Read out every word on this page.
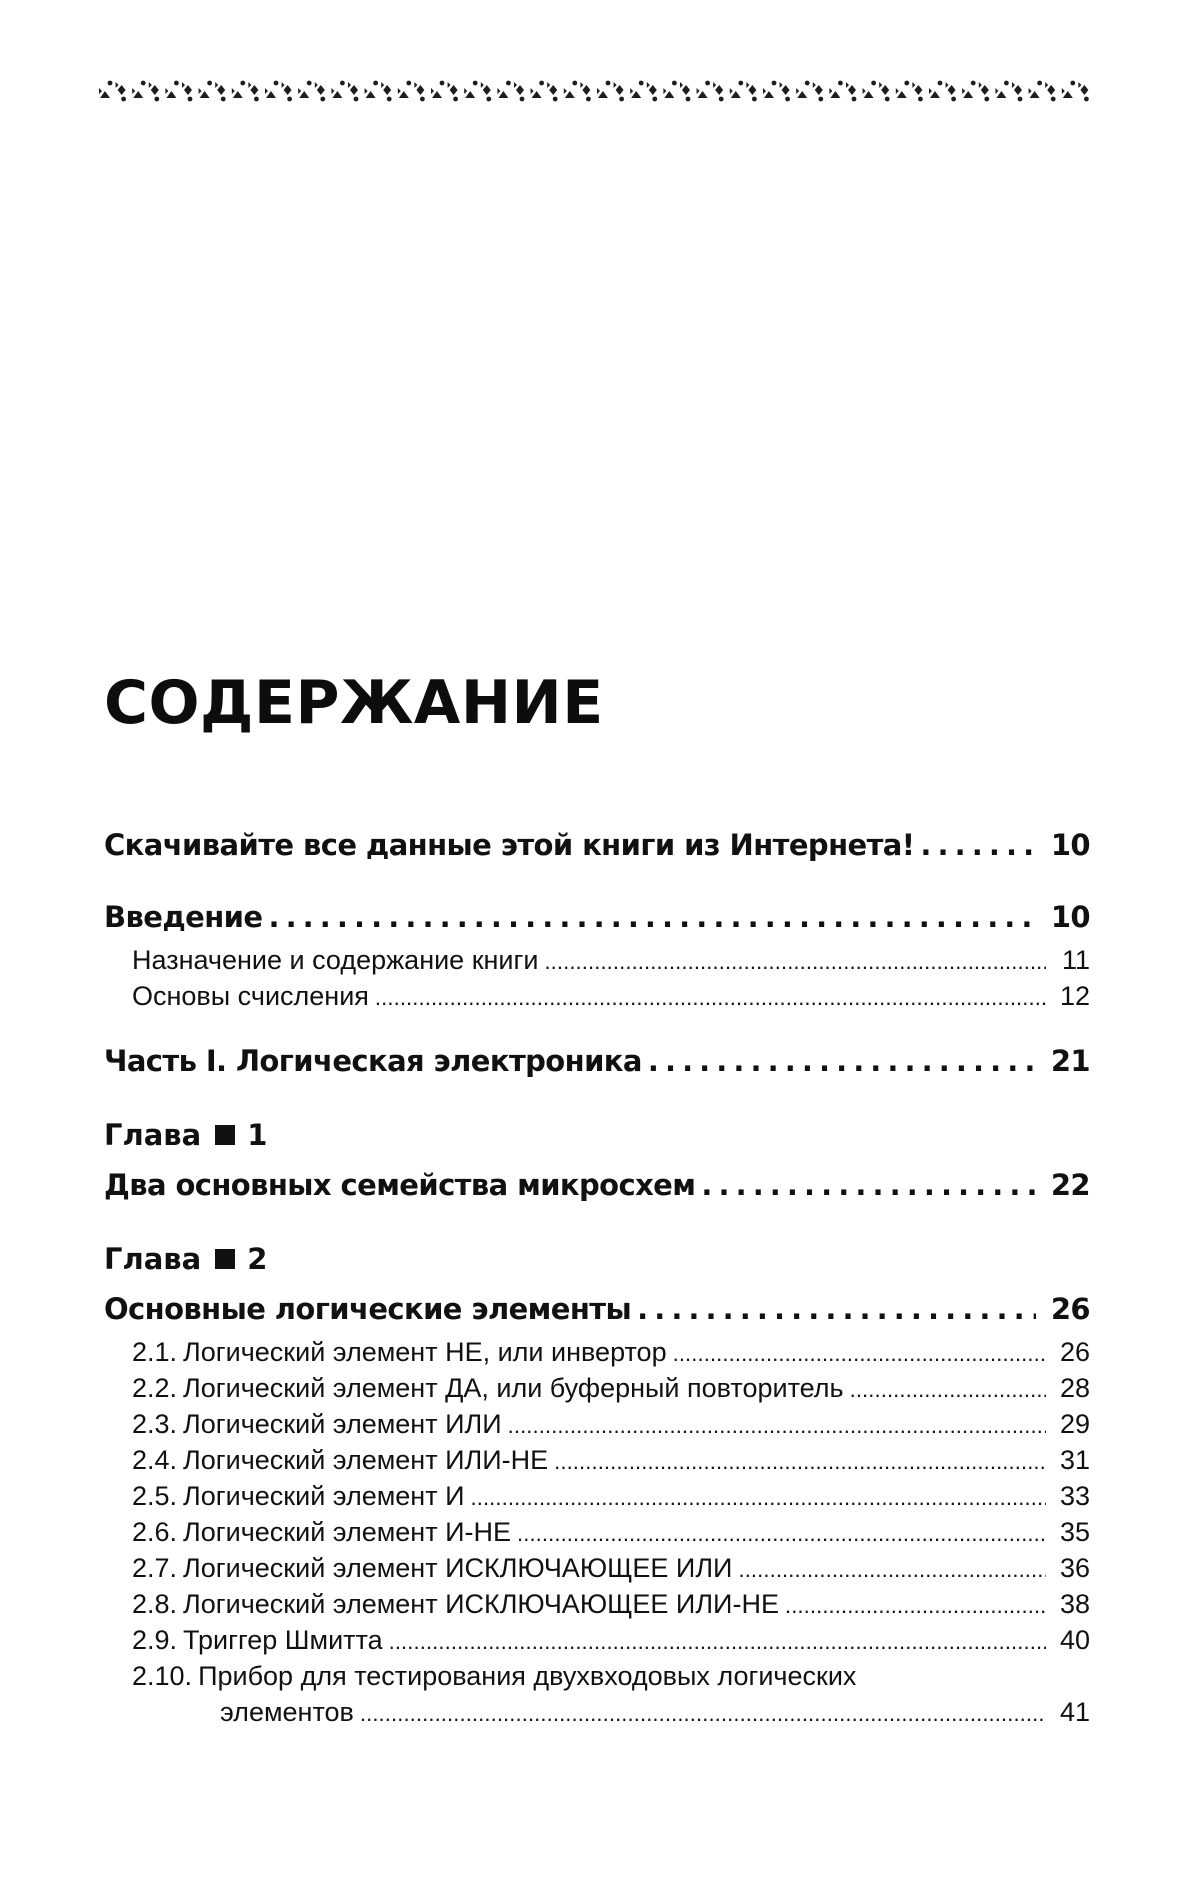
СОДЕРЖАНИЕ
Скачивайте все данные этой книги из Интернета! . . .	10
Введение . . .	10
Назначение и содержание книги . . .	11
Основы счисления . . .	12
Часть I. Логическая электроника . . .	21
Глава 1
Два основных семейства микросхем . . .	22
Глава 2
Основные логические элементы . . .	26
2.1. Логический элемент НЕ, или инвертор . . .	26
2.2. Логический элемент ДА, или буферный повторитель . . .	28
2.3. Логический элемент ИЛИ . . .	29
2.4. Логический элемент ИЛИ-НЕ . . .	31
2.5. Логический элемент И . . .	33
2.6. Логический элемент И-НЕ . . .	35
2.7. Логический элемент ИСКЛЮЧАЮЩЕЕ ИЛИ . . .	36
2.8. Логический элемент ИСКЛЮЧАЮЩЕЕ ИЛИ-НЕ . . .	38
2.9. Триггер Шмитта . . .	40
2.10. Прибор для тестирования двухвходовых логических
элементов . . .	41
